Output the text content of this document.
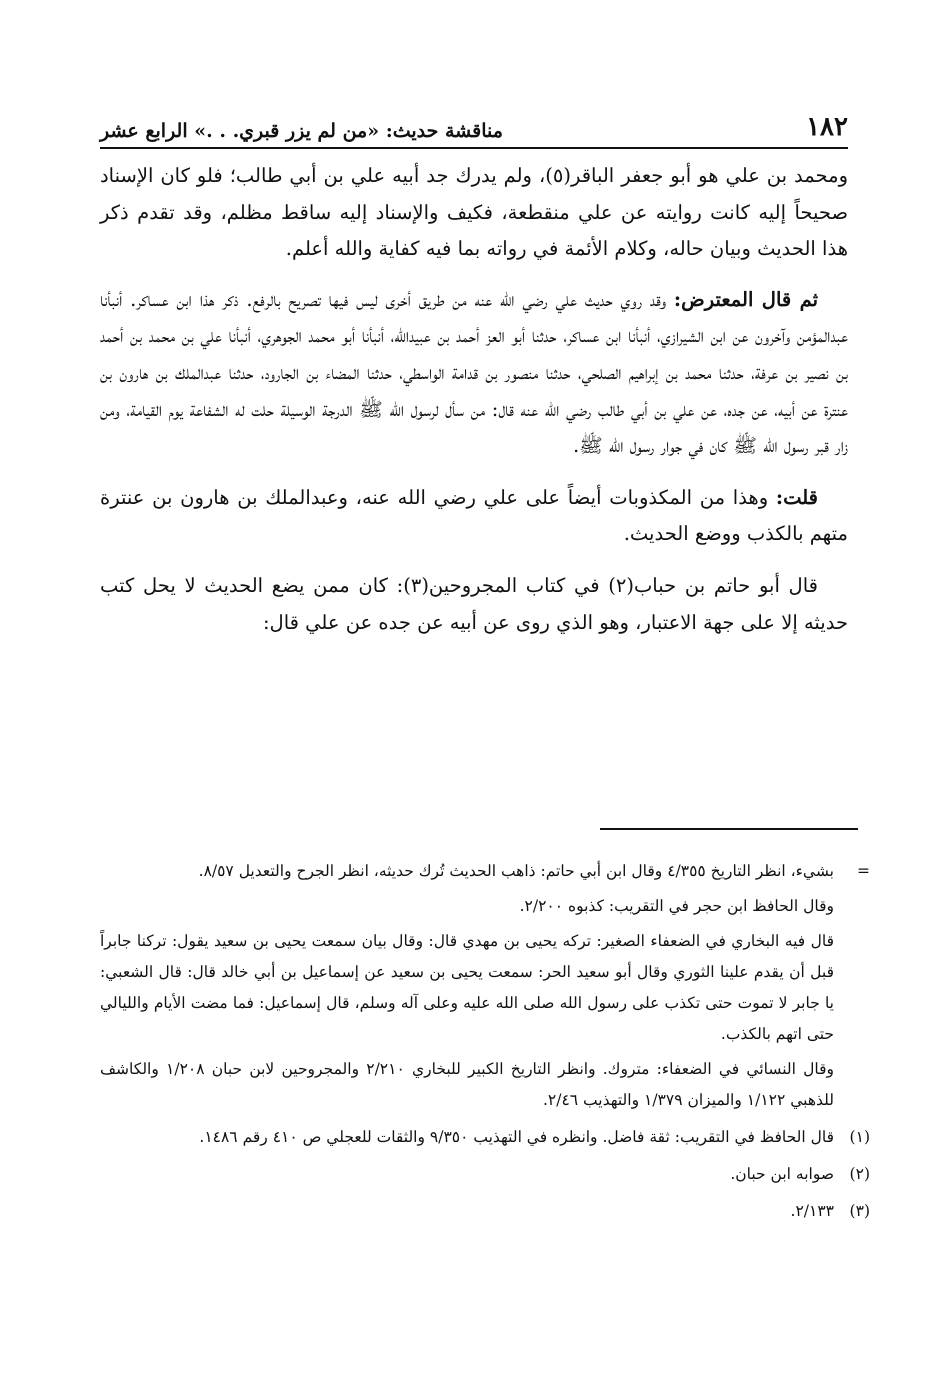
١٨٢
مناقشة حديث: «من لم يزر قبري. . .» الرابع عشر

ومحمد بن علي هو أبو جعفر الباقر(٥)، ولم يدرك جد أبيه علي بن أبي طالب؛ فلو كان الإسناد صحيحاً إليه كانت روايته عن علي منقطعة، فكيف والإسناد إليه ساقط مظلم، وقد تقدم ذكر هذا الحديث وبيان حاله، وكلام الأئمة في رواته بما فيه كفاية والله أعلم.

ثم قال المعترض: وقد روي حديث علي رضي الله عنه من طريق أخرى ليس فيها تصريح بالرفع. ذكر هذا ابن عساكر. أنبأنا عبدالمؤمن وآخرون عن ابن الشيرازي، أنبأنا ابن عساكر، حدثنا أبو العز أحمد بن عبيدالله، أنبأنا أبو محمد الجوهري، أنبأنا علي بن محمد بن أحمد بن نصير بن عرفة، حدثنا محمد بن إبراهيم الصلحي، حدثنا منصور بن قدامة الواسطي، حدثنا المضاء بن الجارود، حدثنا عبدالملك بن هارون بن عنترة عن أبيه، عن جده، عن علي بن أبي طالب رضي الله عنه قال: من سأل لرسول الله ﷺ الدرجة الوسيلة حلت له الشفاعة يوم القيامة، ومن زار قبر رسول الله ﷺ كان في جوار رسول الله ﷺ.

قلت: وهذا من المكذوبات أيضاً على علي رضي الله عنه، وعبدالملك بن هارون بن عنترة متهم بالكذب ووضع الحديث.

قال أبو حاتم بن حباب(٢) في كتاب المجروحين(٣): كان ممن يضع الحديث لا يحل كتب حديثه إلا على جهة الاعتبار، وهو الذي روى عن أبيه عن جده عن علي قال:

=

بشيء، انظر التاريخ ٤/٣٥٥ وقال ابن أبي حاتم: ذاهب الحديث تُرك حديثه، انظر الجرح والتعديل ٨/٥٧.

وقال الحافظ ابن حجر في التقريب: كذبوه ٢/٢٠٠.

قال فيه البخاري في الضعفاء الصغير: تركه يحيى بن مهدي قال: وقال بيان سمعت يحيى بن سعيد يقول: تركنا جابراً قبل أن يقدم علينا الثوري وقال أبو سعيد الحر: سمعت يحيى بن سعيد عن إسماعيل بن أبي خالد قال: قال الشعبي: يا جابر لا تموت حتى تكذب على رسول الله صلى الله عليه وعلى آله وسلم، قال إسماعيل: فما مضت الأيام والليالي حتى اتهم بالكذب.

وقال النسائي في الضعفاء: متروك. وانظر التاريخ الكبير للبخاري ٢/٢١٠ والمجروحين لابن حبان ١/٢٠٨ والكاشف للذهبي ١/١٢٢ والميزان ١/٣٧٩ والتهذيب ٢/٤٦.

(١)

قال الحافظ في التقريب: ثقة فاضل. وانظره في التهذيب ٩/٣٥٠ والثقات للعجلي ص ٤١٠ رقم ١٤٨٦.

(٢)

صوابه ابن حبان.

(٣)

٢/١٣٣.
